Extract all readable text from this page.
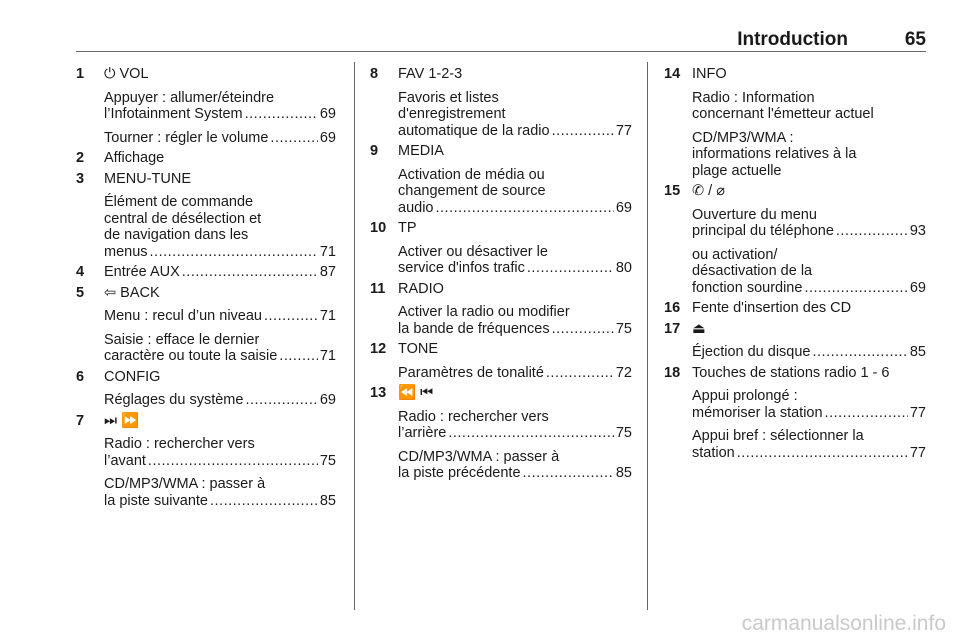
Introduction	65
1 ⏻ VOL
Appuyer : allumer/éteindre
l’Infotainment System .....	69
Tourner : régler le volume .....	69
2 Affichage
3 MENU-TUNE
Élément de commande
central de désélection et
de navigation dans les
menus .....	71
4 Entrée AUX .....	87
5 ⇦ BACK
Menu : recul d’un niveau .....	71
Saisie : efface le dernier
caractère ou toute la saisie .....	71
6 CONFIG
Réglages du système .....	69
7 ⏭ ⏩
Radio : rechercher vers
l’avant .....	75
CD/MP3/WMA : passer à
la piste suivante .....	85
8 FAV 1-2-3
Favoris et listes
d'enregistrement
automatique de la radio .....	77
9 MEDIA
Activation de média ou
changement de source
audio .....	69
10 TP
Activer ou désactiver le
service d'infos trafic .....	80
11 RADIO
Activer la radio ou modifier
la bande de fréquences .....	75
12 TONE
Paramètres de tonalité .....	72
13 ⏪ ⏮
Radio : rechercher vers
l’arrière .....	75
CD/MP3/WMA : passer à
la piste précédente .....	85
14 INFO
Radio : Information
concernant l'émetteur actuel
CD/MP3/WMA :
informations relatives à la
plage actuelle
15 ✆ / ⌀
Ouverture du menu
principal du téléphone .....	93
ou activation/
désactivation de la
fonction sourdine .....	69
16 Fente d'insertion des CD
17 ⏏
Éjection du disque .....	85
18 Touches de stations radio 1 - 6
Appui prolongé :
mémoriser la station .....	77
Appui bref : sélectionner la
station .....	77
carmanualsonline.info
